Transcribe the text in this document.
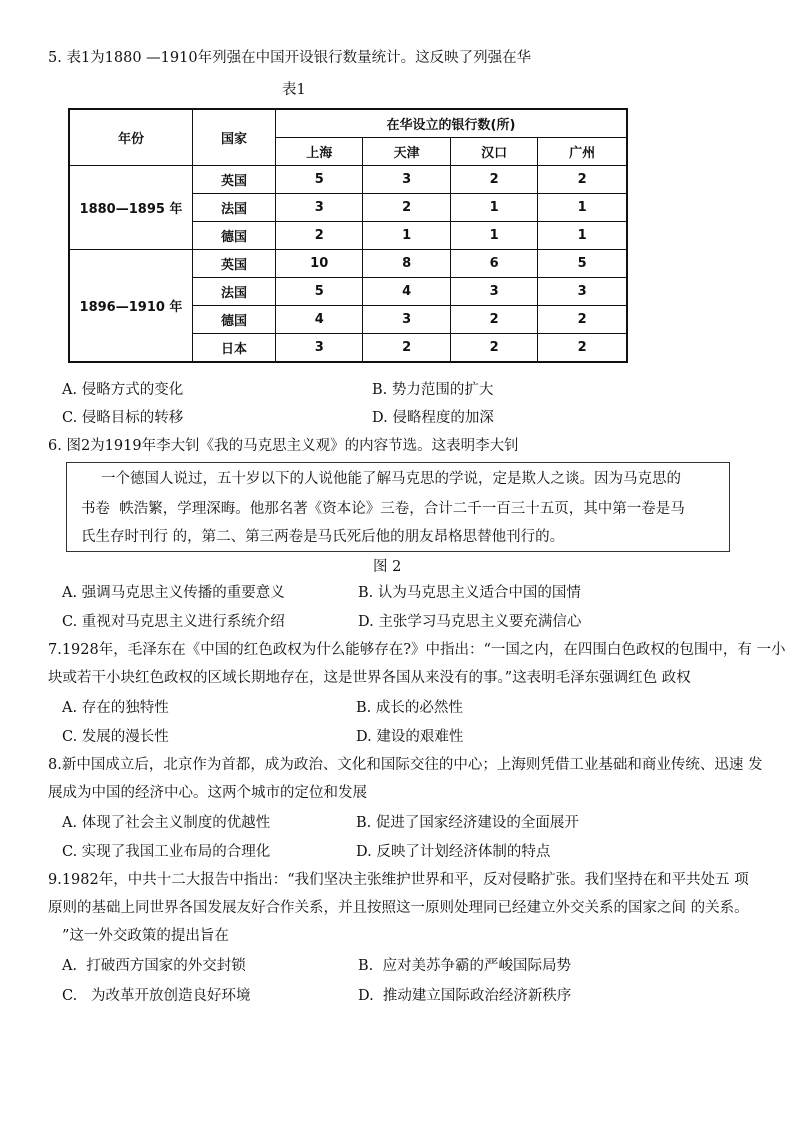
5. 表1为1880 —1910年列强在中国开设银行数量统计。这反映了列强在华
表1
年份	国家	在华设立的银行数(所)			
		上海	天津	汉口	广州
1880—1895 年	英国	5	3	2	2
	法国	3	2	1	1
	德国	2	1	1	1
1896—1910 年	英国	10	8	6	5
	法国	5	4	3	3
	德国	4	3	2	2
	日本	3	2	2	2
A. 侵略方式的变化	B. 势力范围的扩大
C. 侵略目标的转移	D. 侵略程度的加深
6. 图2为1919年李大钊《我的马克思主义观》的内容节选。这表明李大钊
一个德国人说过，五十岁以下的人说他能了解马克思的学说，定是欺人之谈。因为马克思的
书卷  帙浩繁，学理深晦。他那名著《资本论》三卷，合计二千一百三十五页，其中第一卷是马
氏生存时刊行 的，第二、第三两卷是马氏死后他的朋友昂格思替他刊行的。
图 2
A. 强调马克思主义传播的重要意义	B. 认为马克思主义适合中国的国情
C. 重视对马克思主义进行系统介绍	D. 主张学习马克思主义要充满信心
7.1928年，毛泽东在《中国的红色政权为什么能够存在?》中指出：“一国之内，在四围白色政权的包围中，有 一小
块或若干小块红色政权的区域长期地存在，这是世界各国从来没有的事。”这表明毛泽东强调红色 政权
A. 存在的独特性	B. 成长的必然性
C. 发展的漫长性	D. 建设的艰难性
8.新中国成立后，北京作为首都，成为政治、文化和国际交往的中心；上海则凭借工业基础和商业传统、迅速 发
展成为中国的经济中心。这两个城市的定位和发展
A. 体现了社会主义制度的优越性	B. 促进了国家经济建设的全面展开
C. 实现了我国工业布局的合理化	D. 反映了计划经济体制的特点
9.1982年，中共十二大报告中指出：“我们坚决主张维护世界和平，反对侵略扩张。我们坚持在和平共处五 项
原则的基础上同世界各国发展友好合作关系，并且按照这一原则处理同已经建立外交关系的国家之间 的关系。
”这一外交政策的提出旨在
A.  打破西方国家的外交封锁	B.  应对美苏争霸的严峻国际局势
C.   为改革开放创造良好环境	D.  推动建立国际政治经济新秩序
